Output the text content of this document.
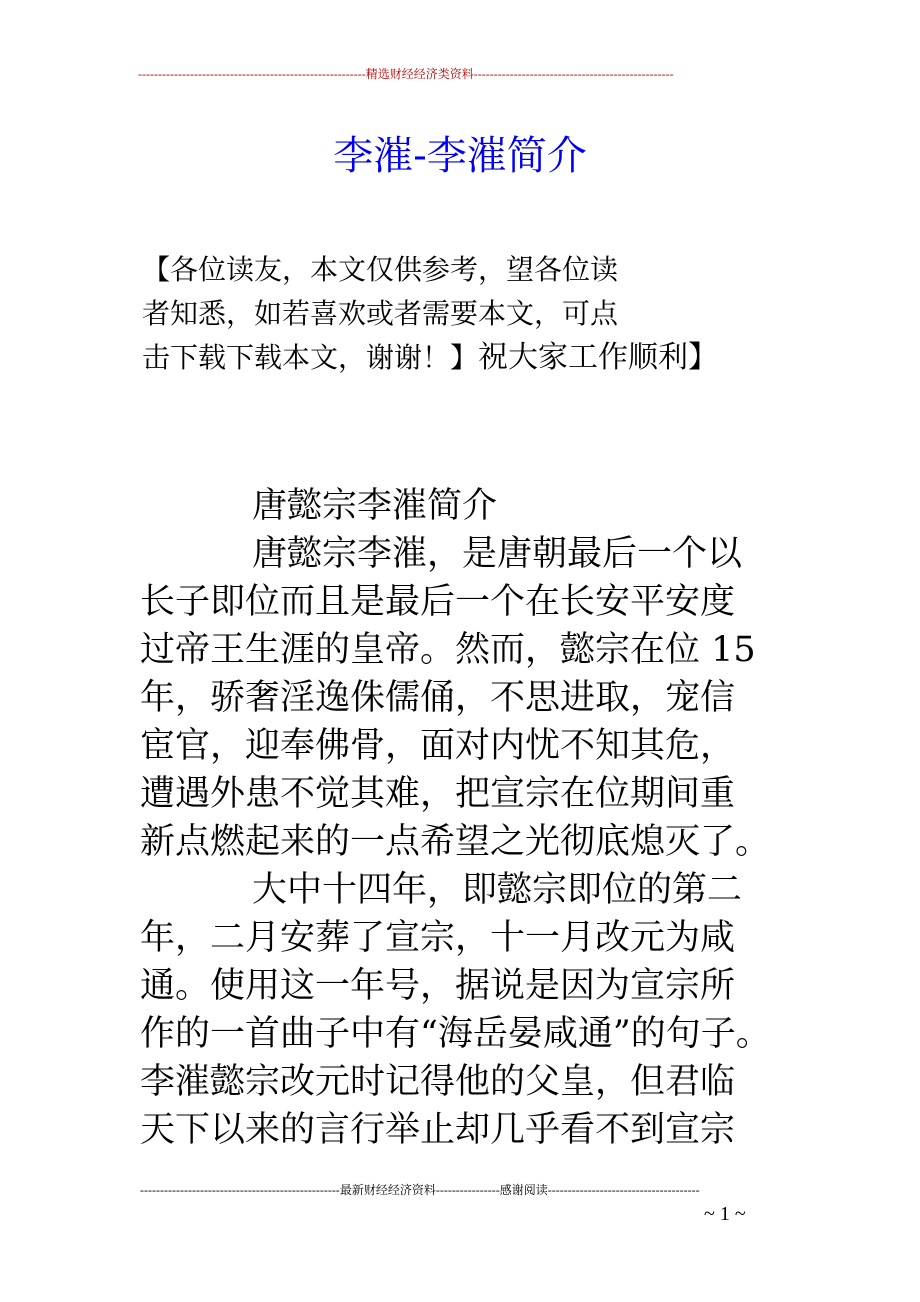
---------------------------------------------------------精选财经经济类资料--------------------------------------------------
李漼-李漼简介
【各位读友，本文仅供参考，望各位读
者知悉，如若喜欢或者需要本文，可点
击下载下载本文，谢谢！】祝大家工作顺利】
唐懿宗李漼简介
唐懿宗李漼，是唐朝最后一个以
长子即位而且是最后一个在长安平安度
过帝王生涯的皇帝。然而，懿宗在位 15
年，骄奢淫逸侏儒俑，不思进取，宠信
宦官，迎奉佛骨，面对内忧不知其危，
遭遇外患不觉其难，把宣宗在位期间重
新点燃起来的一点希望之光彻底熄灭了。
大中十四年，即懿宗即位的第二
年，二月安葬了宣宗，十一月改元为咸
通。使用这一年号，据说是因为宣宗所
作的一首曲子中有“海岳晏咸通”的句子。
李漼懿宗改元时记得他的父皇，但君临
天下以来的言行举止却几乎看不到宣宗
--------------------------------------------------最新财经经济资料----------------感谢阅读--------------------------------------
~ 1 ~
